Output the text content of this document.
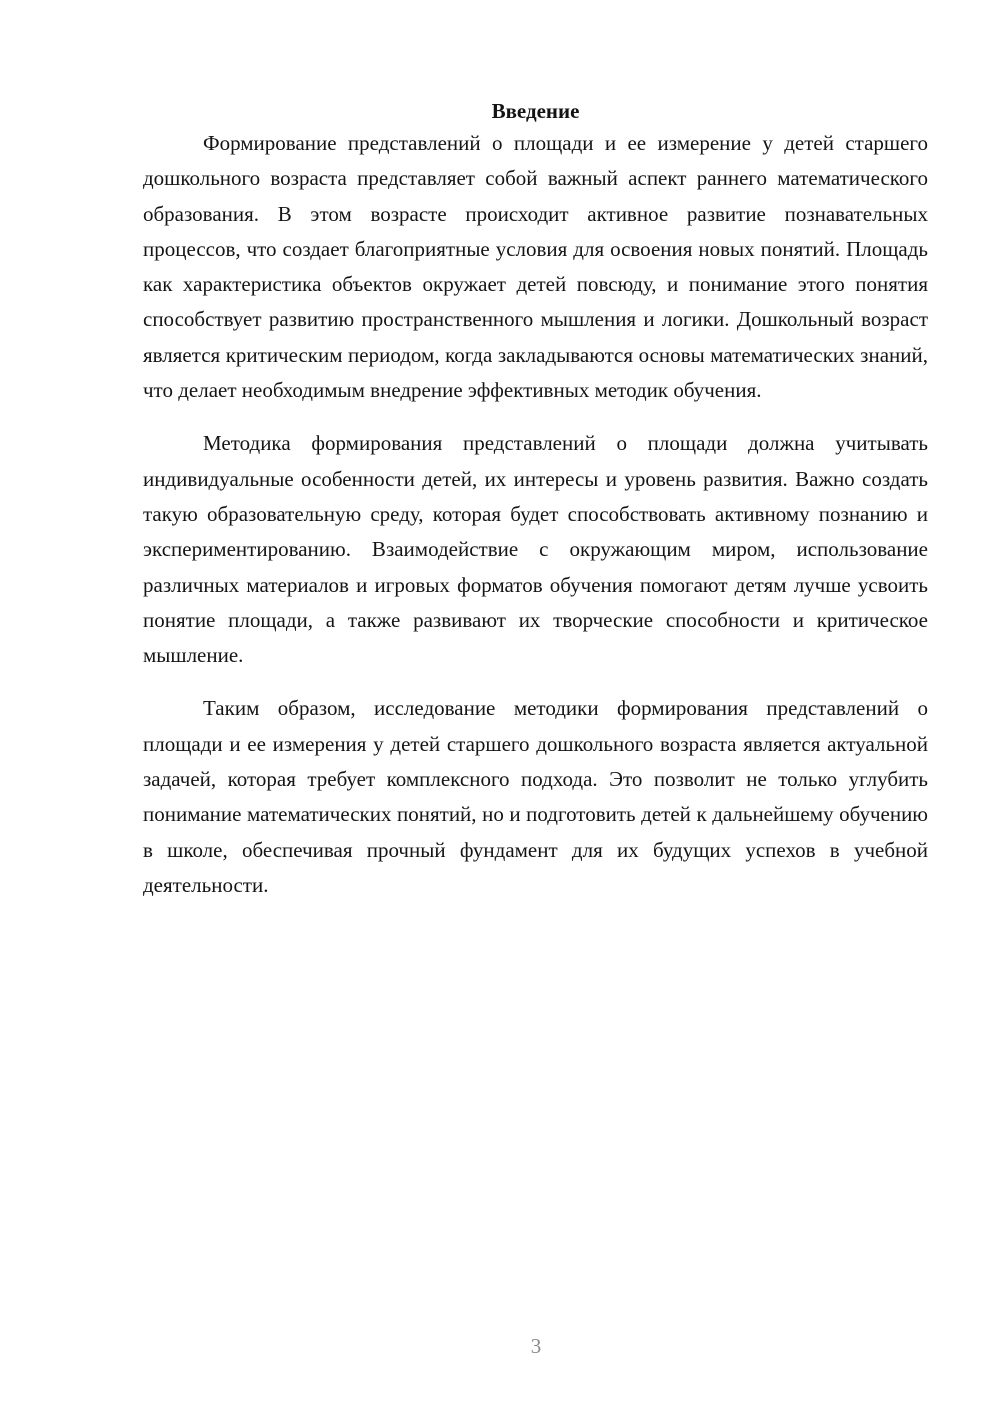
Введение

Формирование представлений о площади и ее измерение у детей старшего дошкольного возраста представляет собой важный аспект раннего математического образования. В этом возрасте происходит активное развитие познавательных процессов, что создает благоприятные условия для освоения новых понятий. Площадь как характеристика объектов окружает детей повсюду, и понимание этого понятия способствует развитию пространственного мышления и логики. Дошкольный возраст является критическим периодом, когда закладываются основы математических знаний, что делает необходимым внедрение эффективных методик обучения.

Методика формирования представлений о площади должна учитывать индивидуальные особенности детей, их интересы и уровень развития. Важно создать такую образовательную среду, которая будет способствовать активному познанию и экспериментированию. Взаимодействие с окружающим миром, использование различных материалов и игровых форматов обучения помогают детям лучше усвоить понятие площади, а также развивают их творческие способности и критическое мышление.

Таким образом, исследование методики формирования представлений о площади и ее измерения у детей старшего дошкольного возраста является актуальной задачей, которая требует комплексного подхода. Это позволит не только углубить понимание математических понятий, но и подготовить детей к дальнейшему обучению в школе, обеспечивая прочный фундамент для их будущих успехов в учебной деятельности.

3
